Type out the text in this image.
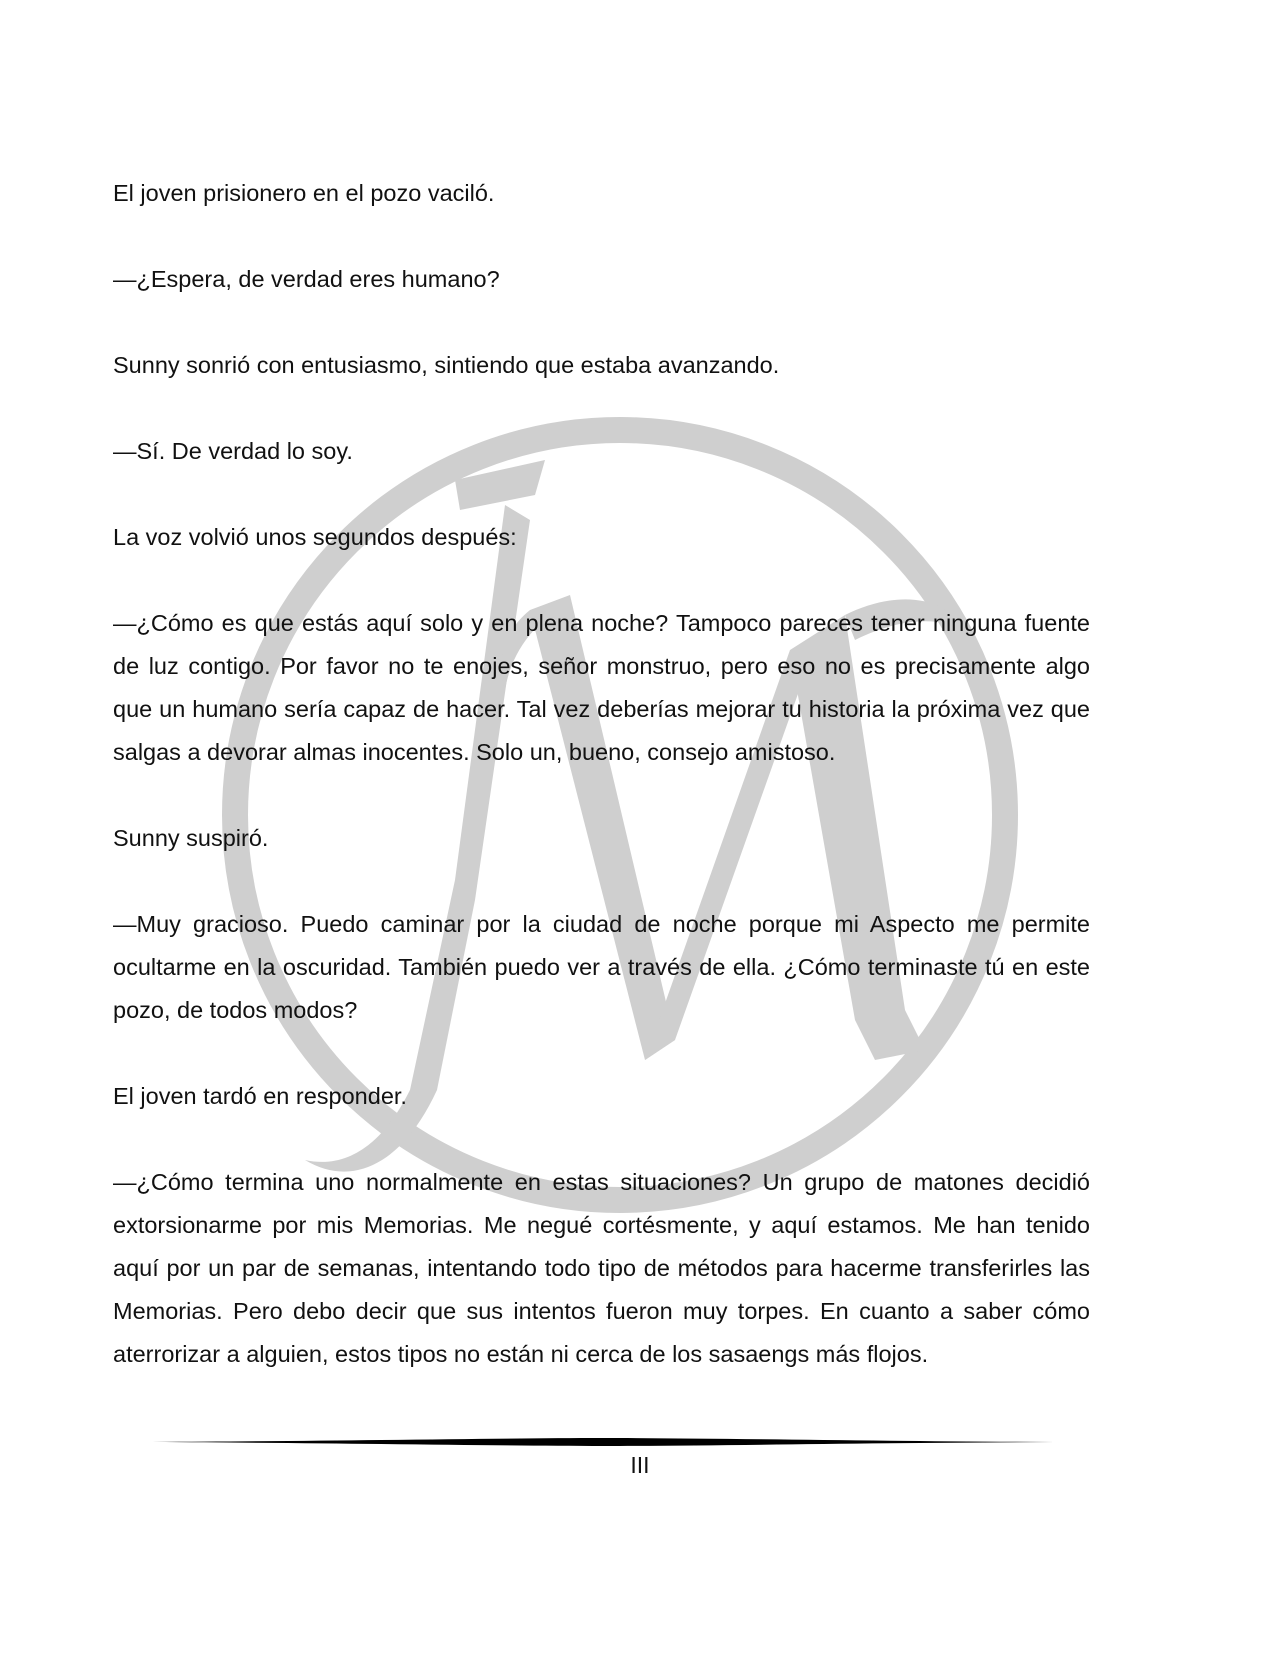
El joven prisionero en el pozo vaciló.

—¿Espera, de verdad eres humano?

Sunny sonrió con entusiasmo, sintiendo que estaba avanzando.

—Sí. De verdad lo soy.

La voz volvió unos segundos después:

—¿Cómo es que estás aquí solo y en plena noche? Tampoco pareces tener ninguna fuente de luz contigo. Por favor no te enojes, señor monstruo, pero eso no es precisamente algo que un humano sería capaz de hacer. Tal vez deberías mejorar tu historia la próxima vez que salgas a devorar almas inocentes. Solo un, bueno, consejo amistoso.

Sunny suspiró.

—Muy gracioso. Puedo caminar por la ciudad de noche porque mi Aspecto me permite ocultarme en la oscuridad. También puedo ver a través de ella. ¿Cómo terminaste tú en este pozo, de todos modos?

El joven tardó en responder.

—¿Cómo termina uno normalmente en estas situaciones? Un grupo de matones decidió extorsionarme por mis Memorias. Me negué cortésmente, y aquí estamos. Me han tenido aquí por un par de semanas, intentando todo tipo de métodos para hacerme transferirles las Memorias. Pero debo decir que sus intentos fueron muy torpes. En cuanto a saber cómo aterrorizar a alguien, estos tipos no están ni cerca de los sasaengs más flojos.

III
